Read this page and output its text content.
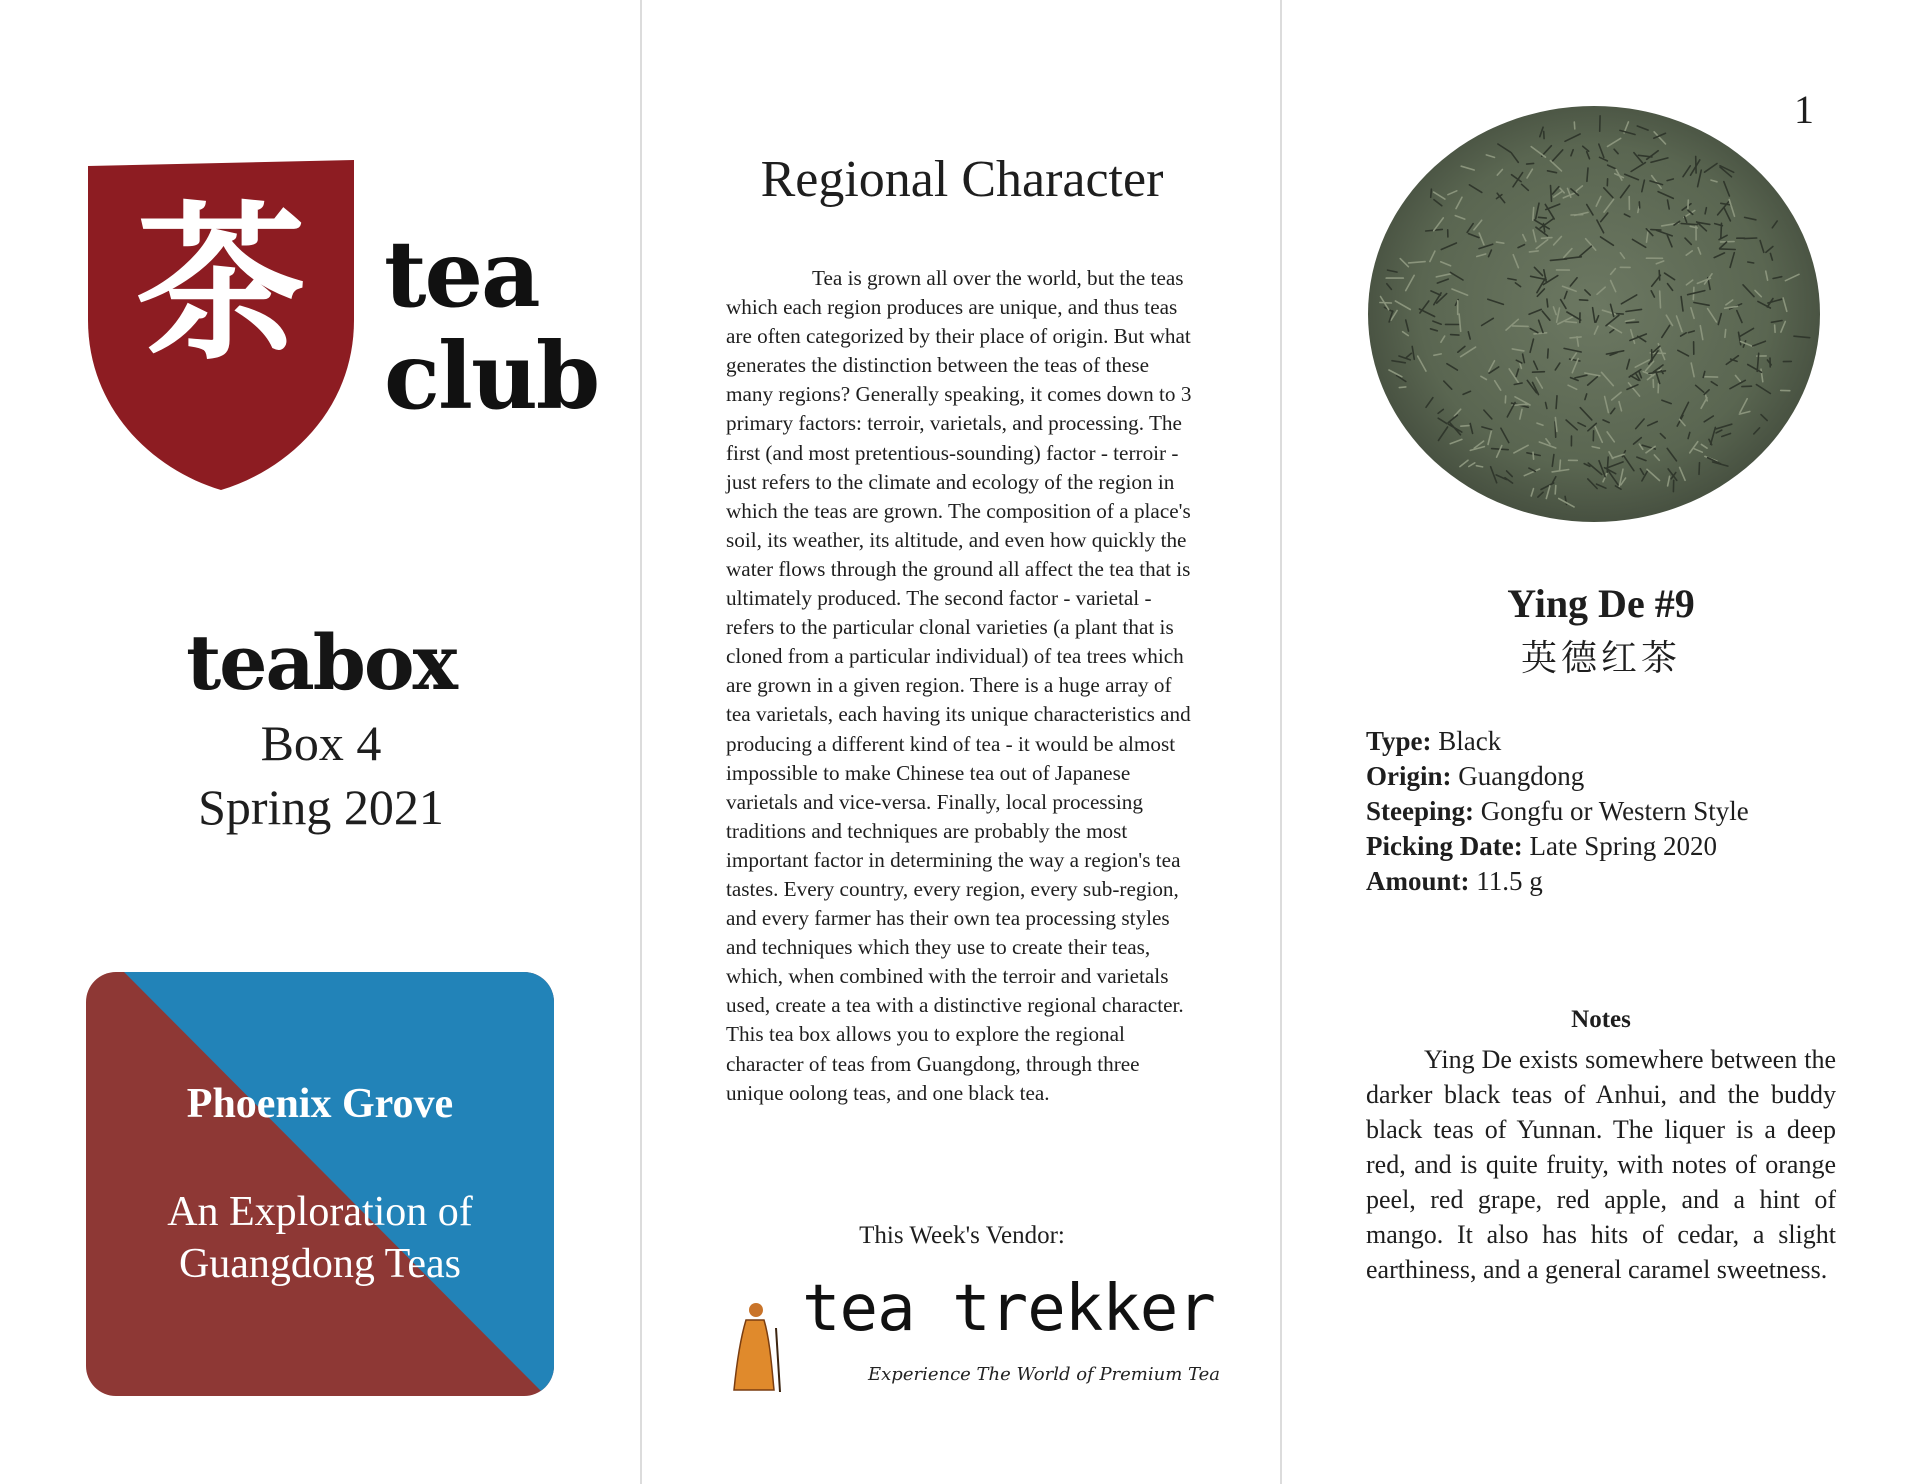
茶 tea
club
teabox
Box 4
Spring 2021
Phoenix Grove
An Exploration of
Guangdong Teas
Regional Character

Tea is grown all over the world, but the teas which each region produces are unique, and thus teas are often categorized by their place of origin. But what generates the distinction between the teas of these many regions? Generally speaking, it comes down to 3 primary factors: terroir, varietals, and processing. The first (and most pretentious-sounding) factor - terroir - just refers to the climate and ecology of the region in which the teas are grown. The composition of a place's soil, its weather, its altitude, and even how quickly the water flows through the ground all affect the tea that is ultimately produced. The second factor - varietal - refers to the particular clonal varieties (a plant that is cloned from a particular individual) of tea trees which are grown in a given region. There is a huge array of tea varietals, each having its unique characteristics and producing a different kind of tea - it would be almost impossible to make Chinese tea out of Japanese varietals and vice-versa. Finally, local processing traditions and techniques are probably the most important factor in determining the way a region's tea tastes. Every country, every region, every sub-region, and every farmer has their own tea processing styles and techniques which they use to create their teas, which, when combined with the terroir and varietals used, create a tea with a distinctive regional character. This tea box allows you to explore the regional character of teas from Guangdong, through three unique oolong teas, and one black tea.

This Week's Vendor:
tea trekker
Experience The World of Premium Tea
1
Ying De #9
英德红茶
Type: Black
Origin: Guangdong
Steeping: Gongfu or Western Style
Picking Date: Late Spring 2020
Amount: 11.5 g
Notes

Ying De exists somewhere between the darker black teas of Anhui, and the buddy black teas of Yunnan. The liquer is a deep red, and is quite fruity, with notes of orange peel, red grape, red apple, and a hint of mango. It also has hits of cedar, a slight earthiness, and a general caramel sweetness.
